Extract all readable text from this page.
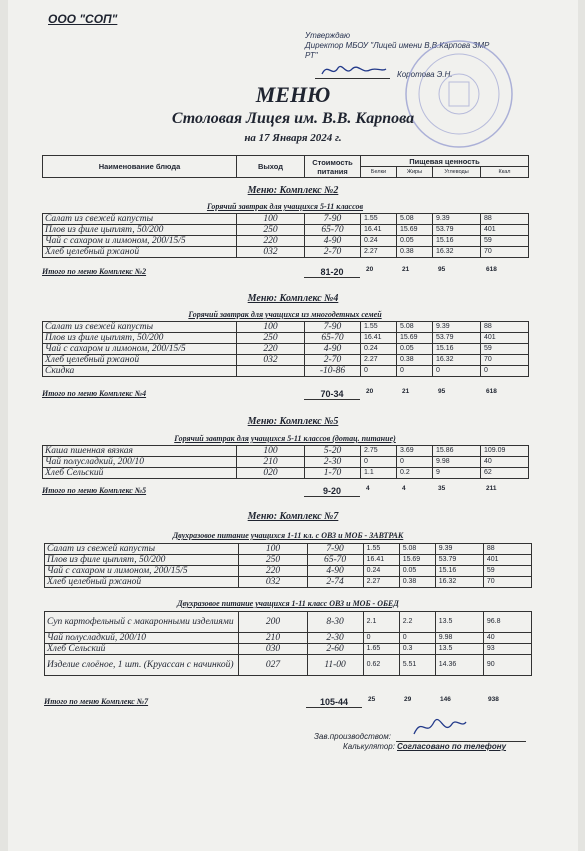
ООО "СОП"
Утверждаю
Директор МБОУ "Лицей имени В.В.Карпова ЗМР
РТ"
Коротова Э.Н.
МЕНЮ
Столовая Лицея им. В.В. Карпова
на 17 Января 2024 г.
Наименование блюда	Выход	Стоимость питания	Пищевая ценность			
			Белки	Жиры	Углеводы	Ккал
Зав.производством:
Калькулятор: Согласовано по телефону
Меню: Комплекс №2
Горячий завтрак для учащихся 5-11 классов
Салат из свежей капусты	100	7-90	1.55	5.08	9.39	88
Плов из филе цыплят, 50/200	250	65-70	16.41	15.69	53.79	401
Чай с сахаром и лимоном, 200/15/5	220	4-90	0.24	0.05	15.16	59
Хлеб целебный ржаной	032	2-70	2.27	0.38	16.32	70
Итого по меню Комплекс №2	81-20	20	21	95	618
Меню: Комплекс №4
Горячий завтрак для учащихся из многодетных семей
Салат из свежей капусты	100	7-90	1.55	5.08	9.39	88
Плов из филе цыплят, 50/200	250	65-70	16.41	15.69	53.79	401
Чай с сахаром и лимоном, 200/15/5	220	4-90	0.24	0.05	15.16	59
Хлеб целебный ржаной	032	2-70	2.27	0.38	16.32	70
Скидка		-10-86	0	0	0	0
Итого по меню Комплекс №4	70-34	20	21	95	618
Меню: Комплекс №5
Горячий завтрак для учащихся 5-11 классов (дотац. питание)
Каша пшенная вязкая	100	5-20	2.75	3.69	15.86	109.09
Чай полусладкий, 200/10	210	2-30	0	0	9.98	40
Хлеб Сельский	020	1-70	1.1	0.2	9	62
Итого по меню Комплекс №5	9-20	4	4	35	211
Меню: Комплекс №7
Двухразовое питание учащихся 1-11 кл. с ОВЗ и МОБ - ЗАВТРАК
Салат из свежей капусты	100	7-90	1.55	5.08	9.39	88
Плов из филе цыплят, 50/200	250	65-70	16.41	15.69	53.79	401
Чай с сахаром и лимоном, 200/15/5	220	4-90	0.24	0.05	15.16	59
Хлеб целебный ржаной	032	2-74	2.27	0.38	16.32	70
Двухразовое питание учащихся 1-11 класс ОВЗ и МОБ - ОБЕД
Суп картофельный с макаронными изделиями	200	8-30	2.1	2.2	13.5	96.8
Чай полусладкий, 200/10	210	2-30	0	0	9.98	40
Хлеб Сельский	030	2-60	1.65	0.3	13.5	93
Изделие слоёное, 1 шт. (Круассан с начинкой)	027	11-00	0.62	5.51	14.36	90
Итого по меню Комплекс №7	105-44	25	29	146	938
